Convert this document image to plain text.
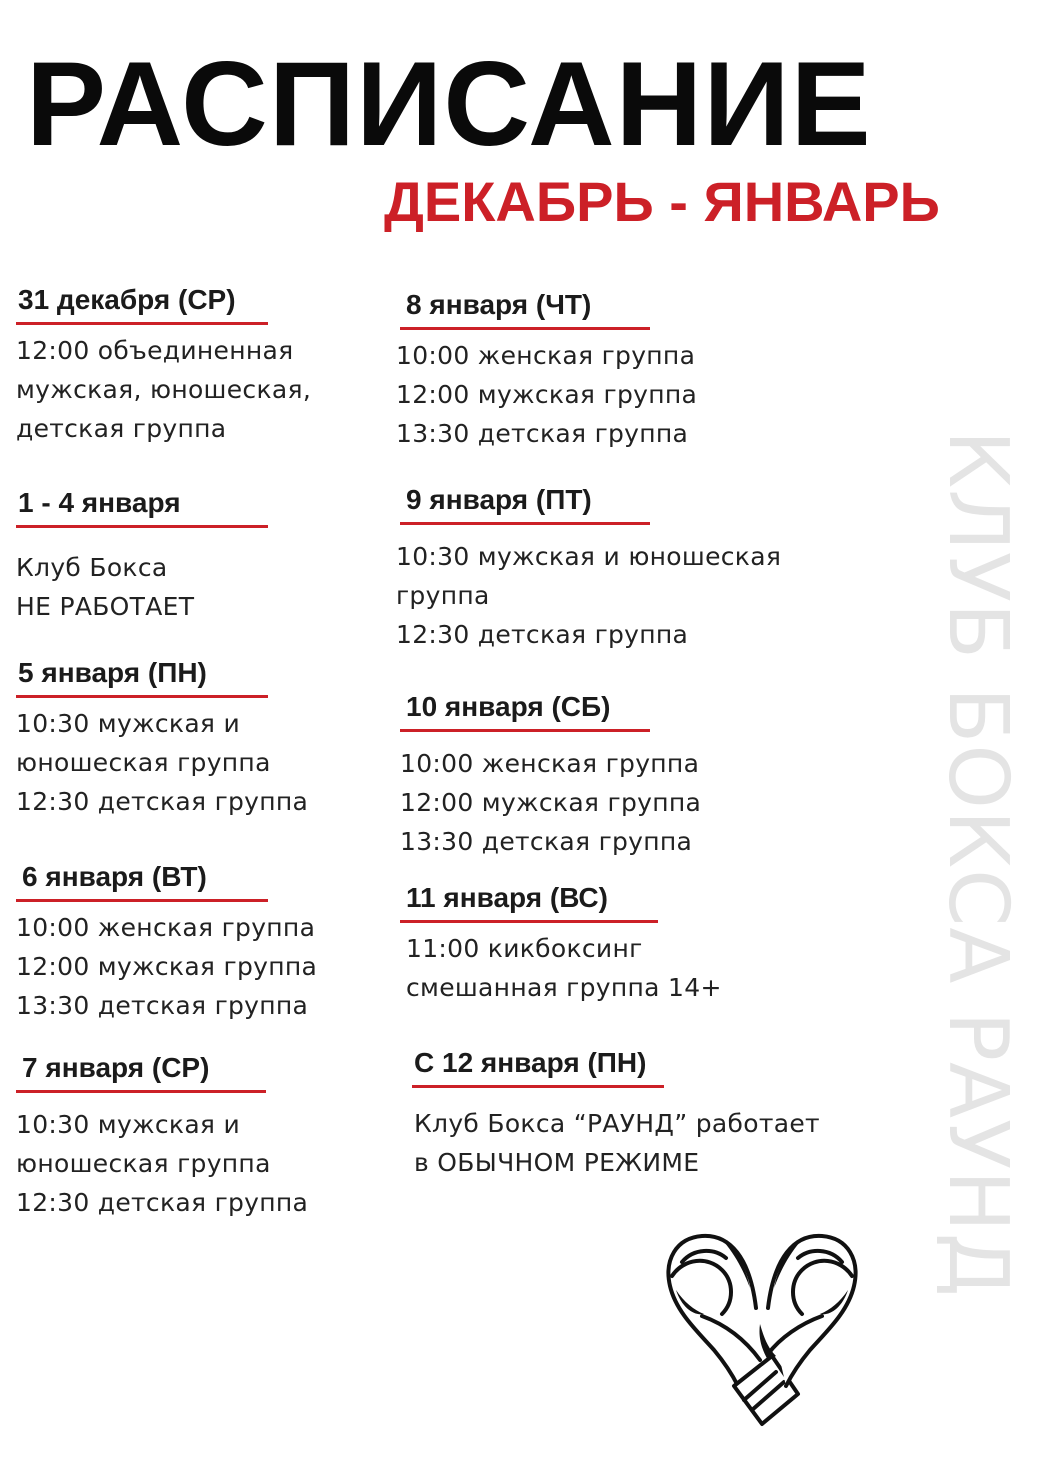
РАСПИСАНИЕ
ДЕКАБРЬ - ЯНВАРЬ
31 декабря (СР)
12:00 объединенная
мужская, юношеская,
детская группа
1 - 4 января
Клуб Бокса
НЕ РАБОТАЕТ
5 января (ПН)
10:30 мужская и
юношеская группа
12:30 детская группа
6 января (ВТ)
10:00 женская группа
12:00 мужская группа
13:30 детская группа
7 января (СР)
10:30 мужская и
юношеская группа
12:30 детская группа
8 января (ЧТ)
10:00 женская группа
12:00 мужская группа
13:30 детская группа
9 января (ПТ)
10:30 мужская и юношеская
группа
12:30 детская группа
10 января (СБ)
10:00 женская группа
12:00 мужская группа
13:30 детская группа
11 января (ВС)
11:00 кикбоксинг
смешанная группа 14+
С 12 января (ПН)
Клуб Бокса “РАУНД” работает
в ОБЫЧНОМ РЕЖИМЕ	КЛУБ БОКСА РАУНД
